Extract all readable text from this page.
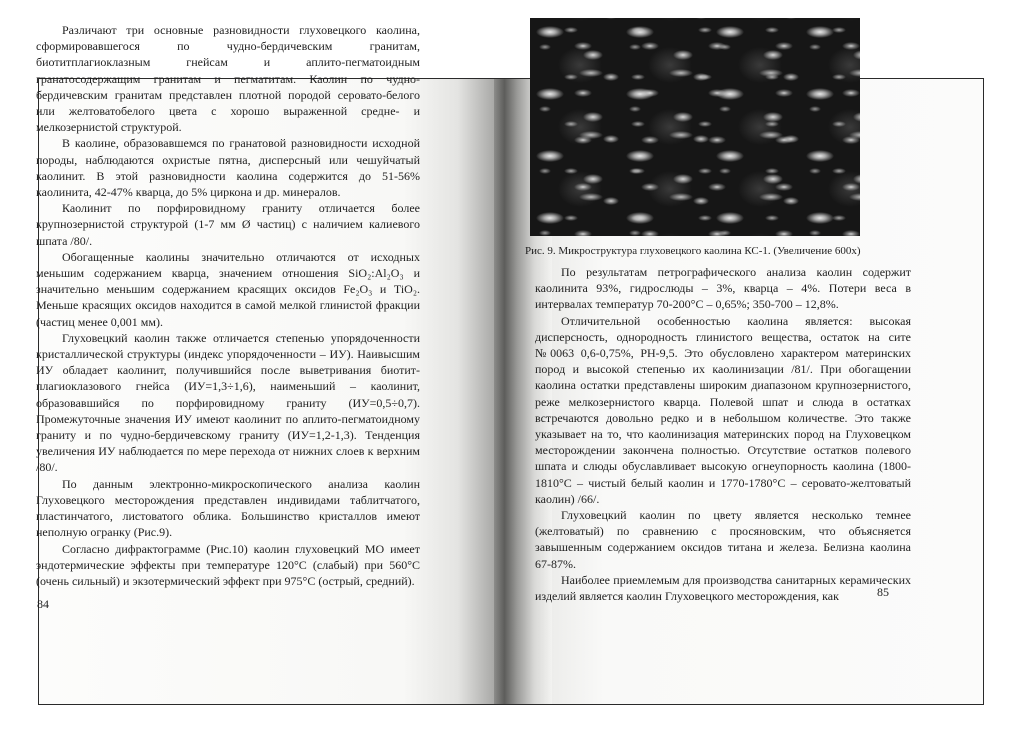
Различают три основные разновидности глуховецкого каолина, сформировавшегося по чудно-бердичевским гранитам, биотитплагиоклазным гнейсам и аплито-пегматоидным гранатосодержащим гранитам и пегматитам. Каолин по чудно-бердичевским гранитам представлен плотной породой серовато-белого или желтоватобелого цвета с хорошо выраженной средне- и мелкозернистой структурой.

В каолине, образовавшемся по гранатовой разновидности исходной породы, наблюдаются охристые пятна, дисперсный или чешуйчатый каолинит. В этой разновидности каолина содержится до 51-56% каолинита, 42-47% кварца, до 5% циркона и др. минералов.

Каолинит по порфировидному граниту отличается более крупнозернистой структурой (1-7 мм Ø частиц) с наличием калиевого шпата /80/.

Обогащенные каолины значительно отличаются от исходных меньшим содержанием кварца, значением отношения SiO₂:Al₂O₃ и значительно меньшим содержанием красящих оксидов Fe₂O₃ и TiO₂. Меньше красящих оксидов находится в самой мелкой глинистой фракции (частиц менее 0,001 мм).

Глуховецкий каолин также отличается степенью упорядоченности кристаллической структуры (индекс упорядоченности – ИУ). Наивысшим ИУ обладает каолинит, получившийся после выветривания биотит-плагиоклазового гнейса (ИУ=1,3÷1,6), наименьший – каолинит, образовавшийся по порфировидному граниту (ИУ=0,5÷0,7). Промежуточные значения ИУ имеют каолинит по аплито-пегматоидному граниту и по чудно-бердичевскому граниту (ИУ=1,2-1,3). Тенденция увеличения ИУ наблюдается по мере перехода от нижних слоев к верхним /80/.

По данным электронно-микроскопического анализа каолин Глуховецкого месторождения представлен индивидами таблитчатого, пластинчатого, листоватого облика. Большинство кристаллов имеют неполную огранку (Рис.9).

Согласно дифрактограмме (Рис.10) каолин глуховецкий МО имеет эндотермические эффекты при температуре 120°С (слабый) при 560°С (очень сильный) и экзотермический эффект при 975°С (острый, средний).

84
Рис. 9. Микроструктура глуховецкого каолина КС-1. (Увеличение 600х)

По результатам петрографического анализа каолин содержит каолинита 93%, гидрослюды – 3%, кварца – 4%. Потери веса в интервалах температур 70-200°С – 0,65%; 350-700 – 12,8%.

Отличительной особенностью каолина является: высокая дисперсность, однородность глинистого вещества, остаток на сите №0063 0,6-0,75%, РН-9,5. Это обусловлено характером материнских пород и высокой степенью их каолинизации /81/. При обогащении каолина остатки представлены широким диапазоном крупнозернистого, реже мелкозернистого кварца. Полевой шпат и слюда в остатках встречаются довольно редко и в небольшом количестве. Это также указывает на то, что каолинизация материнских пород на Глуховецком месторождении закончена полностью. Отсутствие остатков полевого шпата и слюды обуславливает высокую огнеупорность каолина (1800-1810°С – чистый белый каолин и 1770-1780°С – серовато-желтоватый каолин) /66/.

Глуховецкий каолин по цвету является несколько темнее (желтоватый) по сравнению с просяновским, что объясняется завышенным содержанием оксидов титана и железа. Белизна каолина 67-87%.

Наиболее приемлемым для производства санитарных керамических изделий является каолин Глуховецкого месторождения, как	85
